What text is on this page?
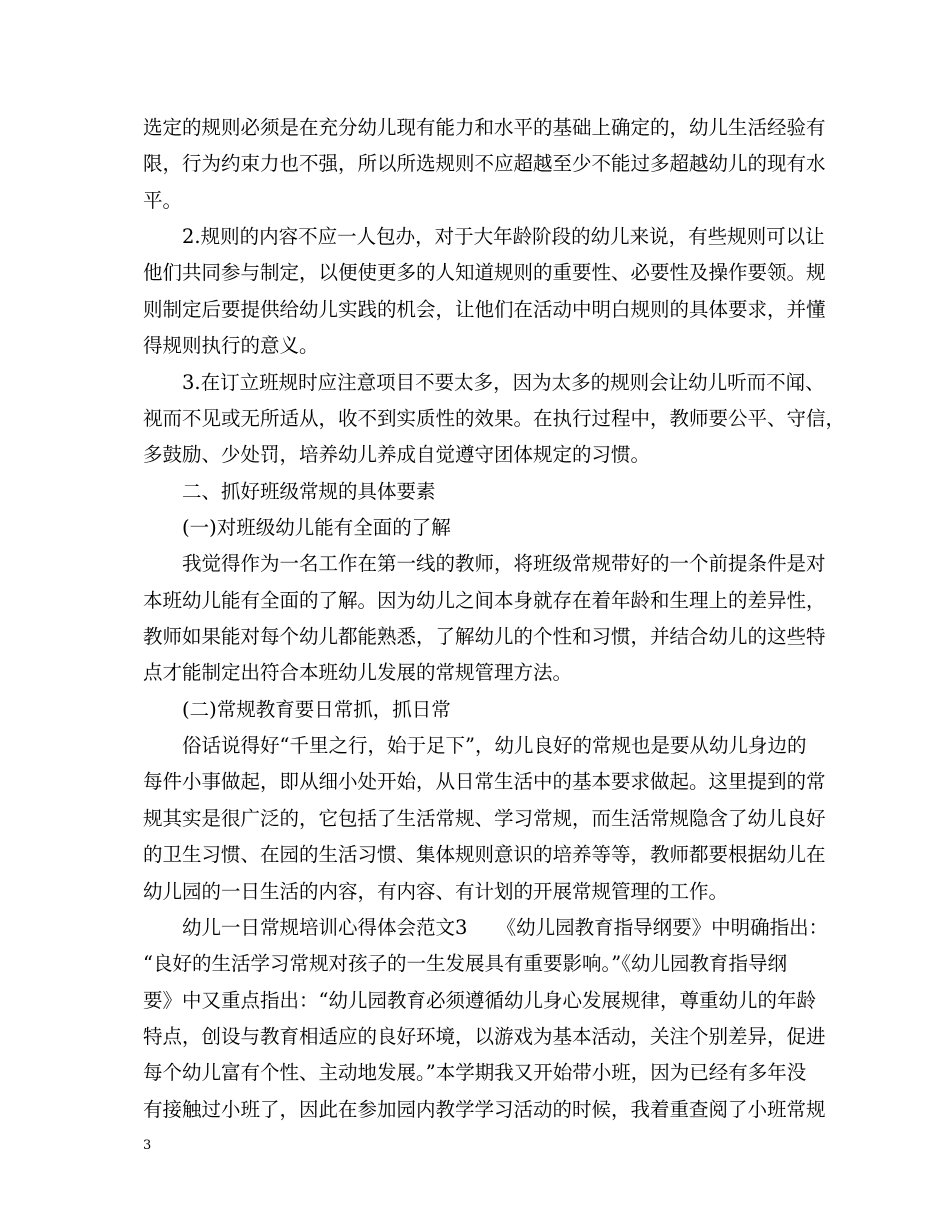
选定的规则必须是在充分幼儿现有能力和水平的基础上确定的，幼儿生活经验有
限，行为约束力也不强，所以所选规则不应超越至少不能过多超越幼儿的现有水
平。
2.规则的内容不应一人包办，对于大年龄阶段的幼儿来说，有些规则可以让
他们共同参与制定，以便使更多的人知道规则的重要性、必要性及操作要领。规
则制定后要提供给幼儿实践的机会，让他们在活动中明白规则的具体要求，并懂
得规则执行的意义。
3.在订立班规时应注意项目不要太多，因为太多的规则会让幼儿听而不闻、
视而不见或无所适从，收不到实质性的效果。在执行过程中，教师要公平、守信，
多鼓励、少处罚，培养幼儿养成自觉遵守团体规定的习惯。
二、抓好班级常规的具体要素
(一)对班级幼儿能有全面的了解
我觉得作为一名工作在第一线的教师，将班级常规带好的一个前提条件是对
本班幼儿能有全面的了解。因为幼儿之间本身就存在着年龄和生理上的差异性，
教师如果能对每个幼儿都能熟悉，了解幼儿的个性和习惯，并结合幼儿的这些特
点才能制定出符合本班幼儿发展的常规管理方法。
(二)常规教育要日常抓，抓日常
俗话说得好“千里之行，始于足下”，幼儿良好的常规也是要从幼儿身边的
每件小事做起，即从细小处开始，从日常生活中的基本要求做起。这里提到的常
规其实是很广泛的，它包括了生活常规、学习常规，而生活常规隐含了幼儿良好
的卫生习惯、在园的生活习惯、集体规则意识的培养等等，教师都要根据幼儿在
幼儿园的一日生活的内容，有内容、有计划的开展常规管理的工作。
幼儿一日常规培训心得体会范文3　　《幼儿园教育指导纲要》中明确指出：
“良好的生活学习常规对孩子的一生发展具有重要影响。”《幼儿园教育指导纲
要》中又重点指出：“幼儿园教育必须遵循幼儿身心发展规律，尊重幼儿的年龄
特点，创设与教育相适应的良好环境，以游戏为基本活动，关注个别差异，促进
每个幼儿富有个性、主动地发展。”本学期我又开始带小班，因为已经有多年没
有接触过小班了，因此在参加园内教学学习活动的时候，我着重查阅了小班常规
3
